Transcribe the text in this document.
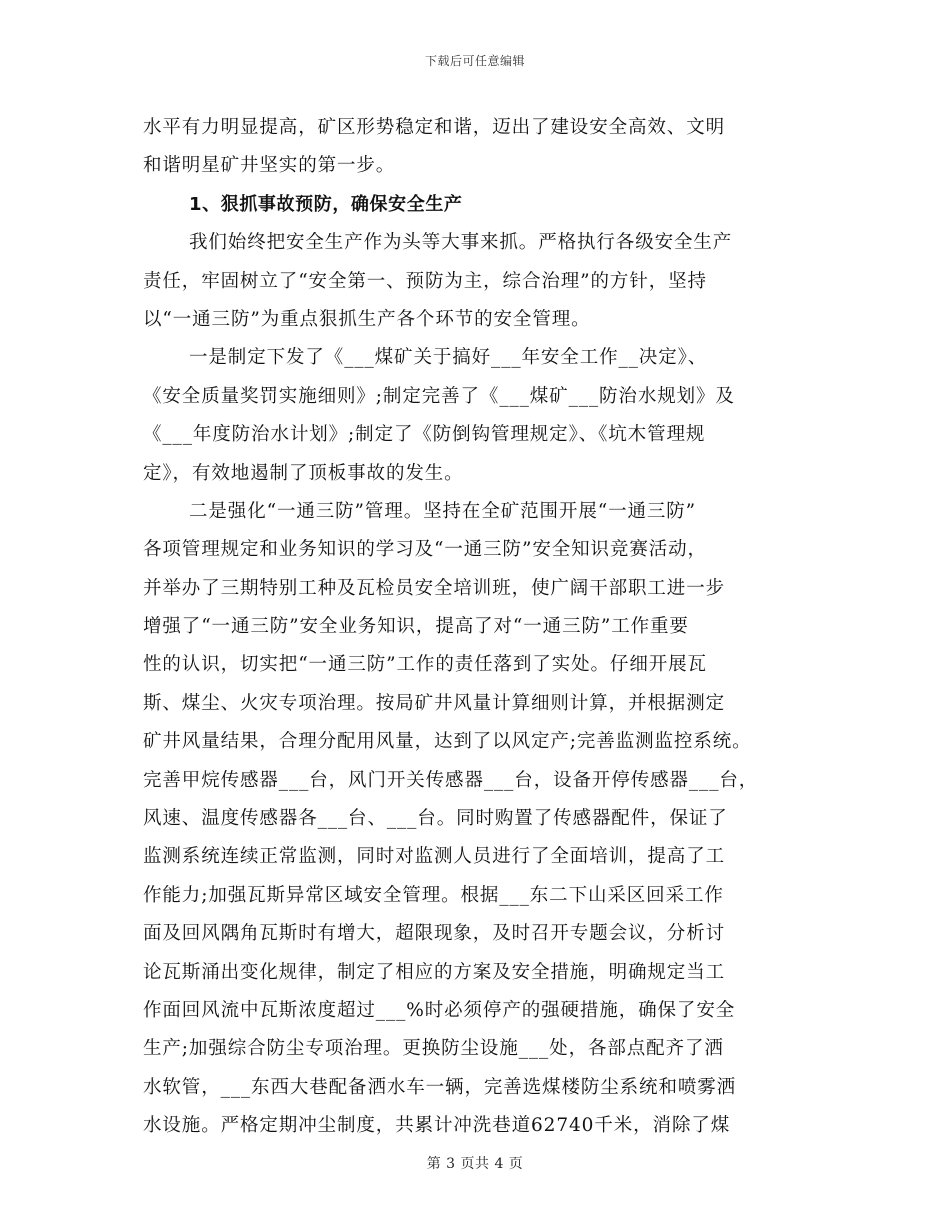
下载后可任意编辑
水平有力明显提高，矿区形势稳定和谐，迈出了建设安全高效、文明
和谐明星矿井坚实的第一步。
1、狠抓事故预防，确保安全生产
我们始终把安全生产作为头等大事来抓。严格执行各级安全生产
责任，牢固树立了“安全第一、预防为主，综合治理”的方针，坚持
以“一通三防”为重点狠抓生产各个环节的安全管理。
一是制定下发了《___煤矿关于搞好___年安全工作__决定》、
《安全质量奖罚实施细则》;制定完善了《___煤矿___防治水规划》及
《___年度防治水计划》;制定了《防倒钩管理规定》、《坑木管理规
定》，有效地遏制了顶板事故的发生。
二是强化“一通三防”管理。坚持在全矿范围开展“一通三防”
各项管理规定和业务知识的学习及“一通三防”安全知识竞赛活动，
并举办了三期特别工种及瓦检员安全培训班，使广阔干部职工进一步
增强了“一通三防”安全业务知识，提高了对“一通三防”工作重要
性的认识，切实把“一通三防”工作的责任落到了实处。仔细开展瓦
斯、煤尘、火灾专项治理。按局矿井风量计算细则计算，并根据测定
矿井风量结果，合理分配用风量，达到了以风定产;完善监测监控系统。
完善甲烷传感器___台，风门开关传感器___台，设备开停传感器___台，
风速、温度传感器各___台、___台。同时购置了传感器配件，保证了
监测系统连续正常监测，同时对监测人员进行了全面培训，提高了工
作能力;加强瓦斯异常区域安全管理。根据___东二下山采区回采工作
面及回风隅角瓦斯时有增大，超限现象，及时召开专题会议，分析讨
论瓦斯涌出变化规律，制定了相应的方案及安全措施，明确规定当工
作面回风流中瓦斯浓度超过___%时必须停产的强硬措施，确保了安全
生产;加强综合防尘专项治理。更换防尘设施___处，各部点配齐了洒
水软管，___东西大巷配备洒水车一辆，完善选煤楼防尘系统和喷雾洒
水设施。严格定期冲尘制度，共累计冲洗巷道62740千米，消除了煤
第 3 页共 4 页
